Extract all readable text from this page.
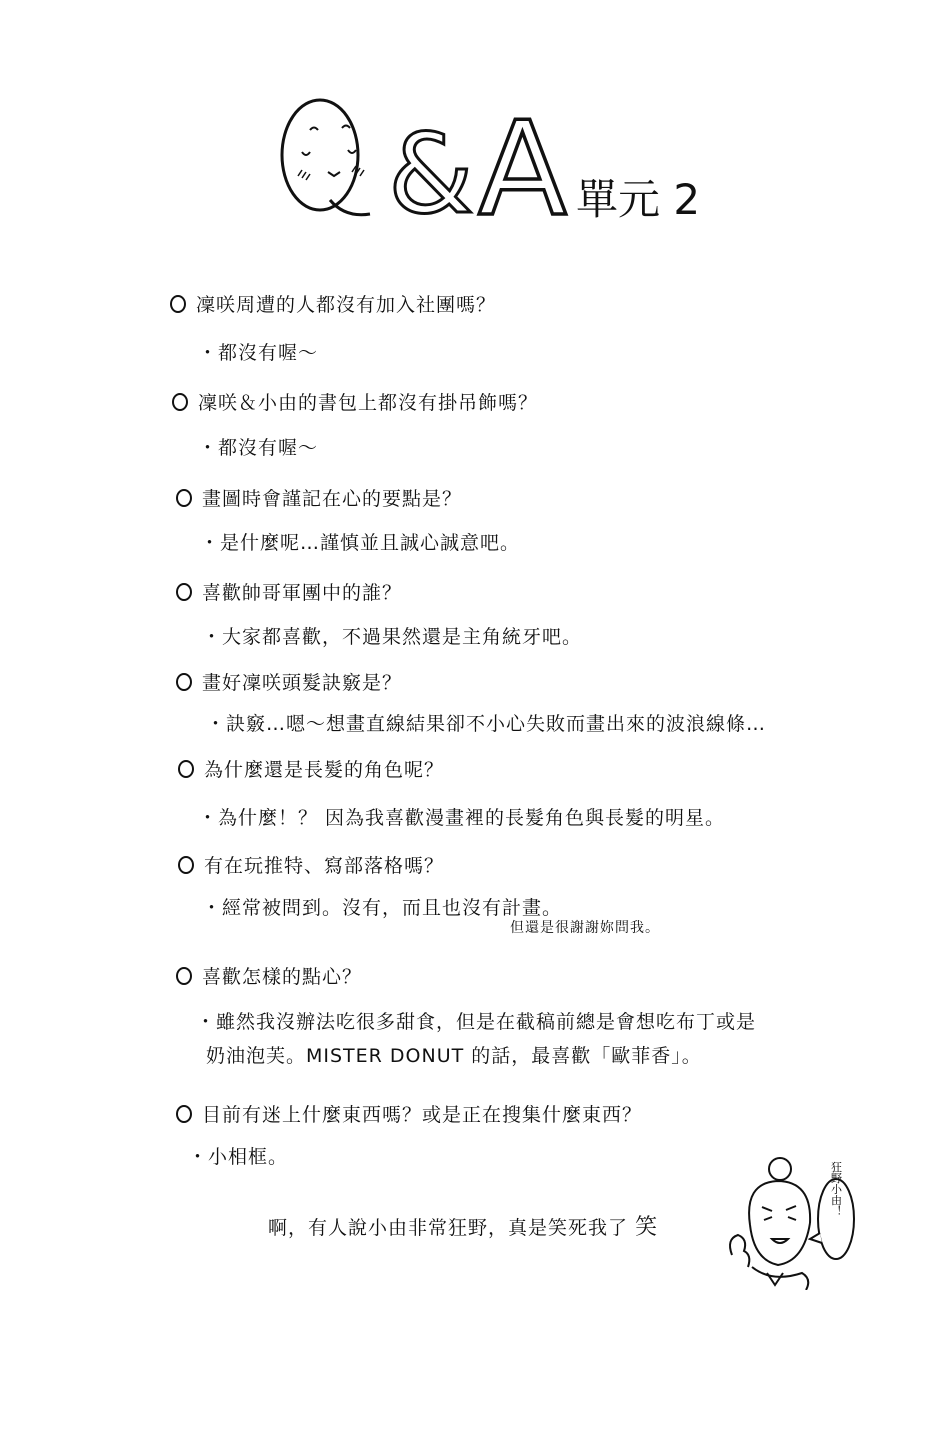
& A 單元 2
凜咲周遭的人都沒有加入社團嗎？
・都沒有喔～
凜咲＆小由的書包上都沒有掛吊飾嗎？
・都沒有喔～
畫圖時會謹記在心的要點是？
・是什麼呢…謹慎並且誠心誠意吧。
喜歡帥哥軍團中的誰？
・大家都喜歡，不過果然還是主角統牙吧。
畫好凜咲頭髮訣竅是？
・訣竅…嗯～想畫直線結果卻不小心失敗而畫出來的波浪線條…
為什麼還是長髮的角色呢？
・為什麼！？ 因為我喜歡漫畫裡的長髮角色與長髮的明星。
有在玩推特、寫部落格嗎？
・經常被問到。沒有，而且也沒有計畫。
但還是很謝謝妳問我。
喜歡怎樣的點心？
・雖然我沒辦法吃很多甜食，但是在截稿前總是會想吃布丁或是
奶油泡芙。MISTER DONUT 的話，最喜歡「歐菲香」。
目前有迷上什麼東西嗎？或是正在搜集什麼東西？
・小相框。
啊，有人說小由非常狂野，真是笑死我了 笑
狂野小由！
